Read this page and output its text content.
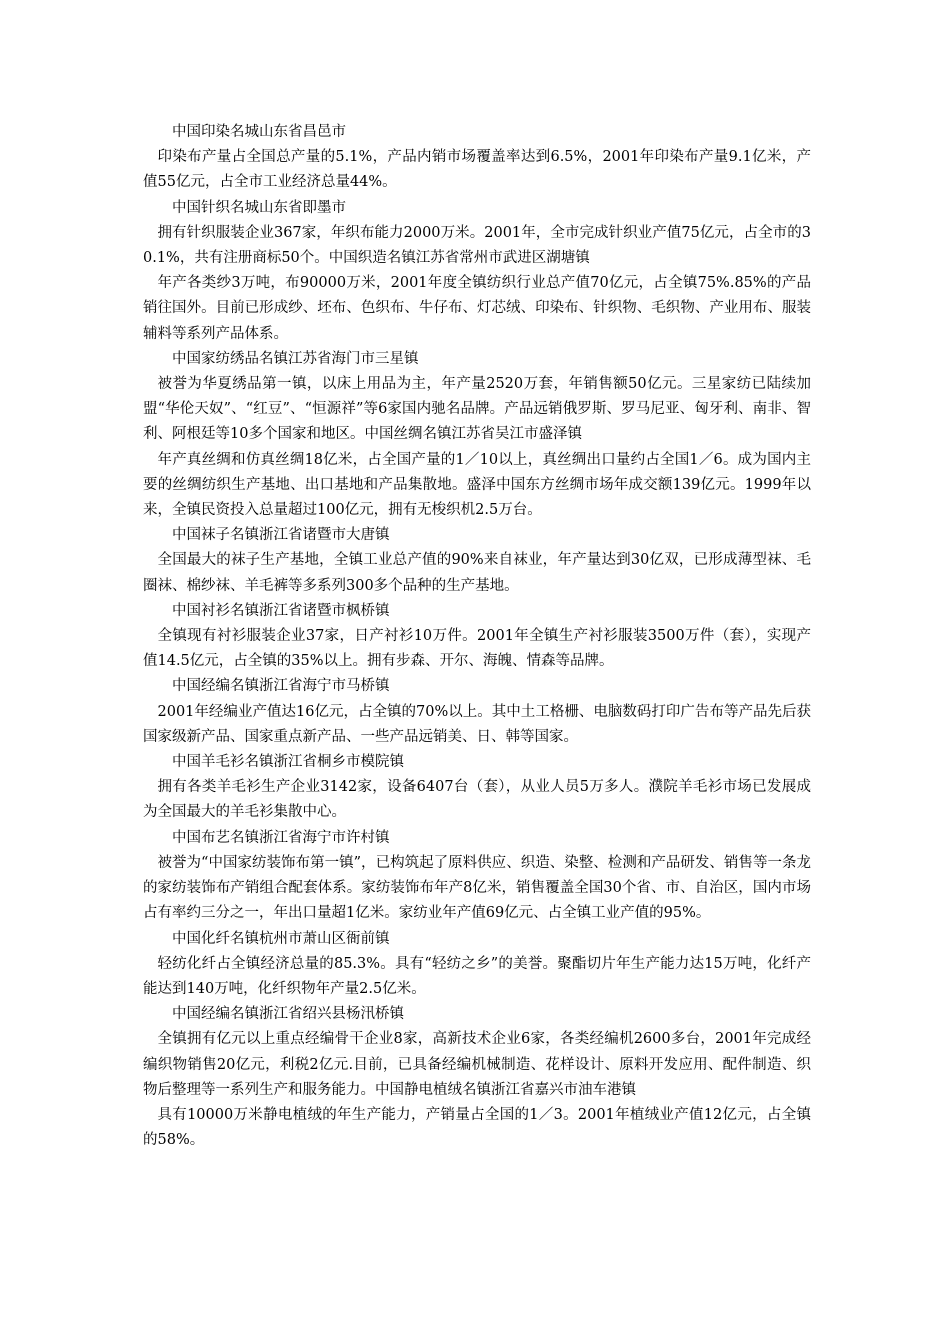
中国印染名城山东省昌邑市

印染布产量占全国总产量的5.1%，产品内销市场覆盖率达到6.5%，2001年印染布产量9.1亿米，产值55亿元，占全市工业经济总量44%。

中国针织名城山东省即墨市

拥有针织服装企业367家，年织布能力2000万米。2001年，全市完成针织业产值75亿元，占全市的30.1%，共有注册商标50个。中国织造名镇江苏省常州市武进区湖塘镇

年产各类纱3万吨，布90000万米，2001年度全镇纺织行业总产值70亿元，占全镇75%.85%的产品销往国外。目前已形成纱、坯布、色织布、牛仔布、灯芯绒、印染布、针织物、毛织物、产业用布、服装辅料等系列产品体系。

中国家纺绣品名镇江苏省海门市三星镇

被誉为华夏绣品第一镇，以床上用品为主，年产量2520万套，年销售额50亿元。三星家纺已陆续加盟“华伦天奴”、“红豆”、“恒源祥”等6家国内驰名品牌。产品远销俄罗斯、罗马尼亚、匈牙利、南非、智利、阿根廷等10多个国家和地区。中国丝绸名镇江苏省吴江市盛泽镇

年产真丝绸和仿真丝绸18亿米，占全国产量的1／10以上，真丝绸出口量约占全国1／6。成为国内主要的丝绸纺织生产基地、出口基地和产品集散地。盛泽中国东方丝绸市场年成交额139亿元。1999年以来，全镇民资投入总量超过100亿元，拥有无梭织机2.5万台。

中国袜子名镇浙江省诸暨市大唐镇

全国最大的袜子生产基地，全镇工业总产值的90%来自袜业，年产量达到30亿双，已形成薄型袜、毛圈袜、棉纱袜、羊毛裤等多系列300多个品种的生产基地。

中国衬衫名镇浙江省诸暨市枫桥镇

全镇现有衬衫服装企业37家，日产衬衫10万件。2001年全镇生产衬衫服装3500万件（套），实现产值14.5亿元，占全镇的35%以上。拥有步森、开尔、海魄、情森等品牌。

中国经编名镇浙江省海宁市马桥镇

2001年经编业产值达16亿元，占全镇的70%以上。其中土工格栅、电脑数码打印广告布等产品先后获国家级新产品、国家重点新产品、一些产品远销美、日、韩等国家。

中国羊毛衫名镇浙江省桐乡市模院镇

拥有各类羊毛衫生产企业3142家，设备6407台（套），从业人员5万多人。濮院羊毛衫市场已发展成为全国最大的羊毛衫集散中心。

中国布艺名镇浙江省海宁市许村镇

被誉为“中国家纺装饰布第一镇”，已构筑起了原料供应、织造、染整、检测和产品研发、销售等一条龙的家纺装饰布产销组合配套体系。家纺装饰布年产8亿米，销售覆盖全国30个省、市、自治区，国内市场占有率约三分之一，年出口量超1亿米。家纺业年产值69亿元、占全镇工业产值的95%。

中国化纤名镇杭州市萧山区衙前镇

轻纺化纤占全镇经济总量的85.3%。具有“轻纺之乡”的美誉。聚酯切片年生产能力达15万吨，化纤产能达到140万吨，化纤织物年产量2.5亿米。

中国经编名镇浙江省绍兴县杨汛桥镇

全镇拥有亿元以上重点经编骨干企业8家，高新技术企业6家，各类经编机2600多台，2001年完成经编织物销售20亿元，利税2亿元.目前，已具备经编机械制造、花样设计、原料开发应用、配件制造、织物后整理等一系列生产和服务能力。中国静电植绒名镇浙江省嘉兴市油车港镇

具有10000万米静电植绒的年生产能力，产销量占全国的1／3。2001年植绒业产值12亿元，占全镇的58%。
